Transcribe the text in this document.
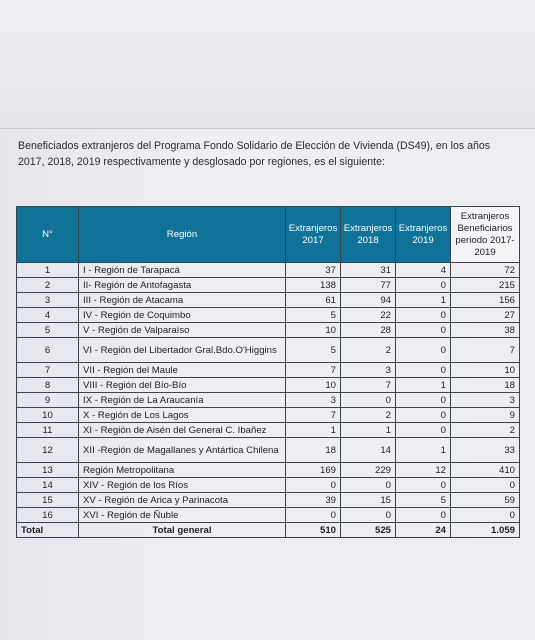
Beneficiados extranjeros del Programa Fondo Solidario de Elección de Vivienda (DS49), en los años
2017, 2018, 2019 respectivamente y desglosado por regiones, es el siguiente:
N°	Región	Extranjeros 2017	Extranjeros 2018	Extranjeros 2019	Extranjeros Beneficiarios periodo 2017-2019
1	I - Región de Tarapacá	37	31	4	72
2	II- Región de Antofagasta	138	77	0	215
3	III - Región de Atacama	61	94	1	156
4	IV - Región de Coquimbo	5	22	0	27
5	V - Región de Valparaíso	10	28	0	38
6	VI - Región del Libertador Gral.Bdo.O'Higgins	5	2	0	7
7	VII - Región del Maule	7	3	0	10
8	VIII - Región del Bío-Bío	10	7	1	18
9	IX - Región de La Araucanía	3	0	0	3
10	X - Región de Los Lagos	7	2	0	9
11	XI - Región de Aisén del General C. Ibañez	1	1	0	2
12	XII -Región de Magallanes y Antártica Chilena	18	14	1	33
13	Región Metropolitana	169	229	12	410
14	XIV - Región de los Ríos	0	0	0	0
15	XV - Región de Arica y Parinacota	39	15	5	59
16	XVI - Región de Ñuble	0	0	0	0
Total	Total general	510	525	24	1.059
